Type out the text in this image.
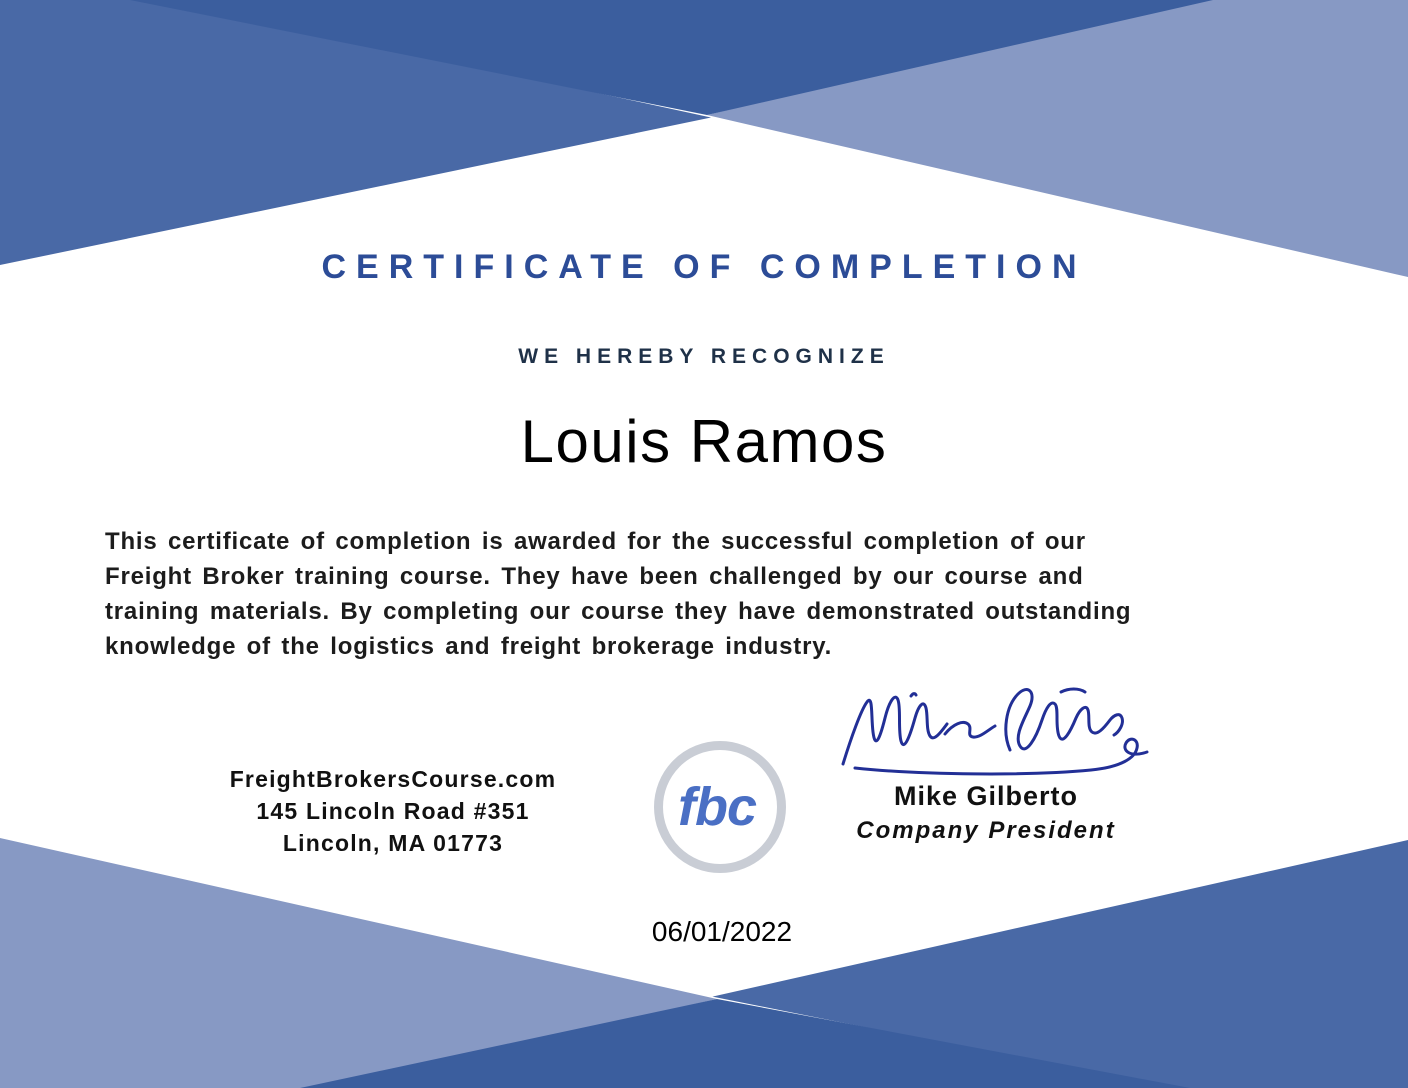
CERTIFICATE OF COMPLETION
WE HEREBY RECOGNIZE
Louis Ramos
This certificate of completion is awarded for the successful completion of our
Freight Broker training course. They have been challenged by our course and
training materials. By completing our course they have demonstrated outstanding
knowledge of the logistics and freight brokerage industry.
FreightBrokersCourse.com
145 Lincoln Road #351
Lincoln, MA 01773
fbc	Mike Gilberto
Company President
06/01/2022
